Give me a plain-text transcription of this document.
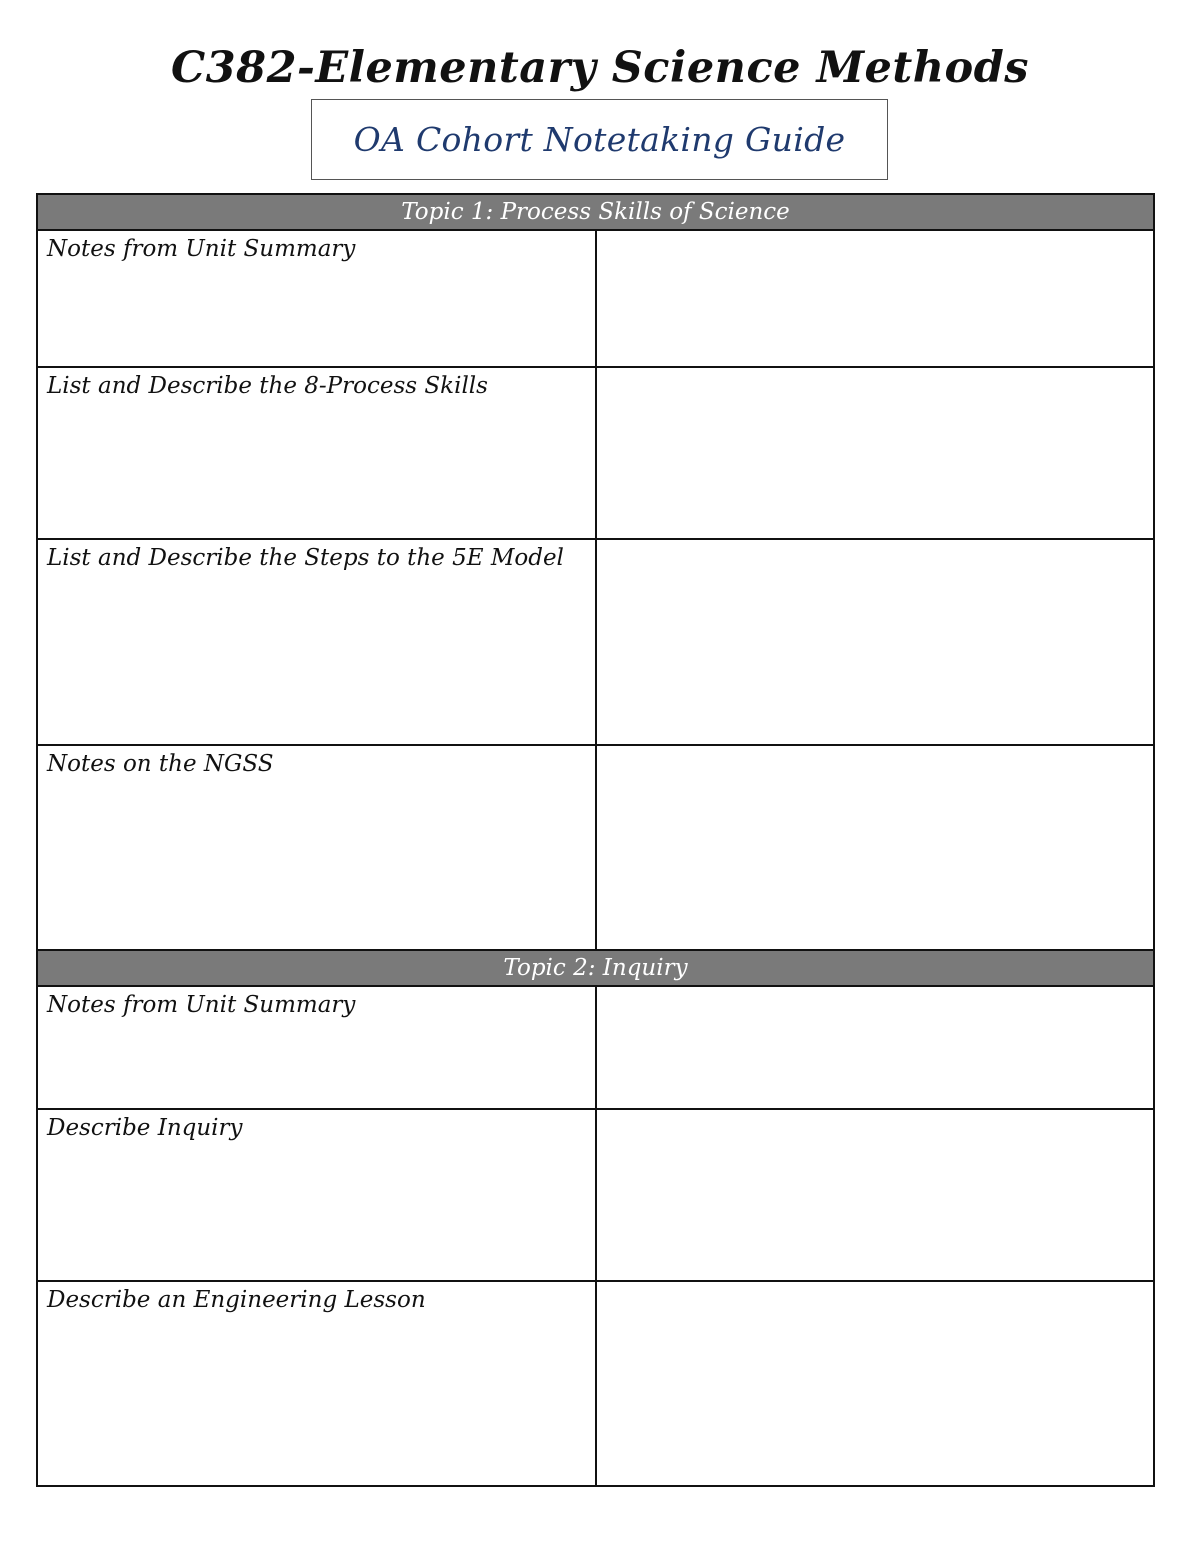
C382-Elementary Science Methods
OA Cohort Notetaking Guide
Topic 1: Process Skills of Science	
Notes from Unit Summary	
List and Describe the 8-Process Skills	
List and Describe the Steps to the 5E Model	
Notes on the NGSS	
Topic 2: Inquiry	
Notes from Unit Summary	
Describe Inquiry	
Describe an Engineering Lesson	
